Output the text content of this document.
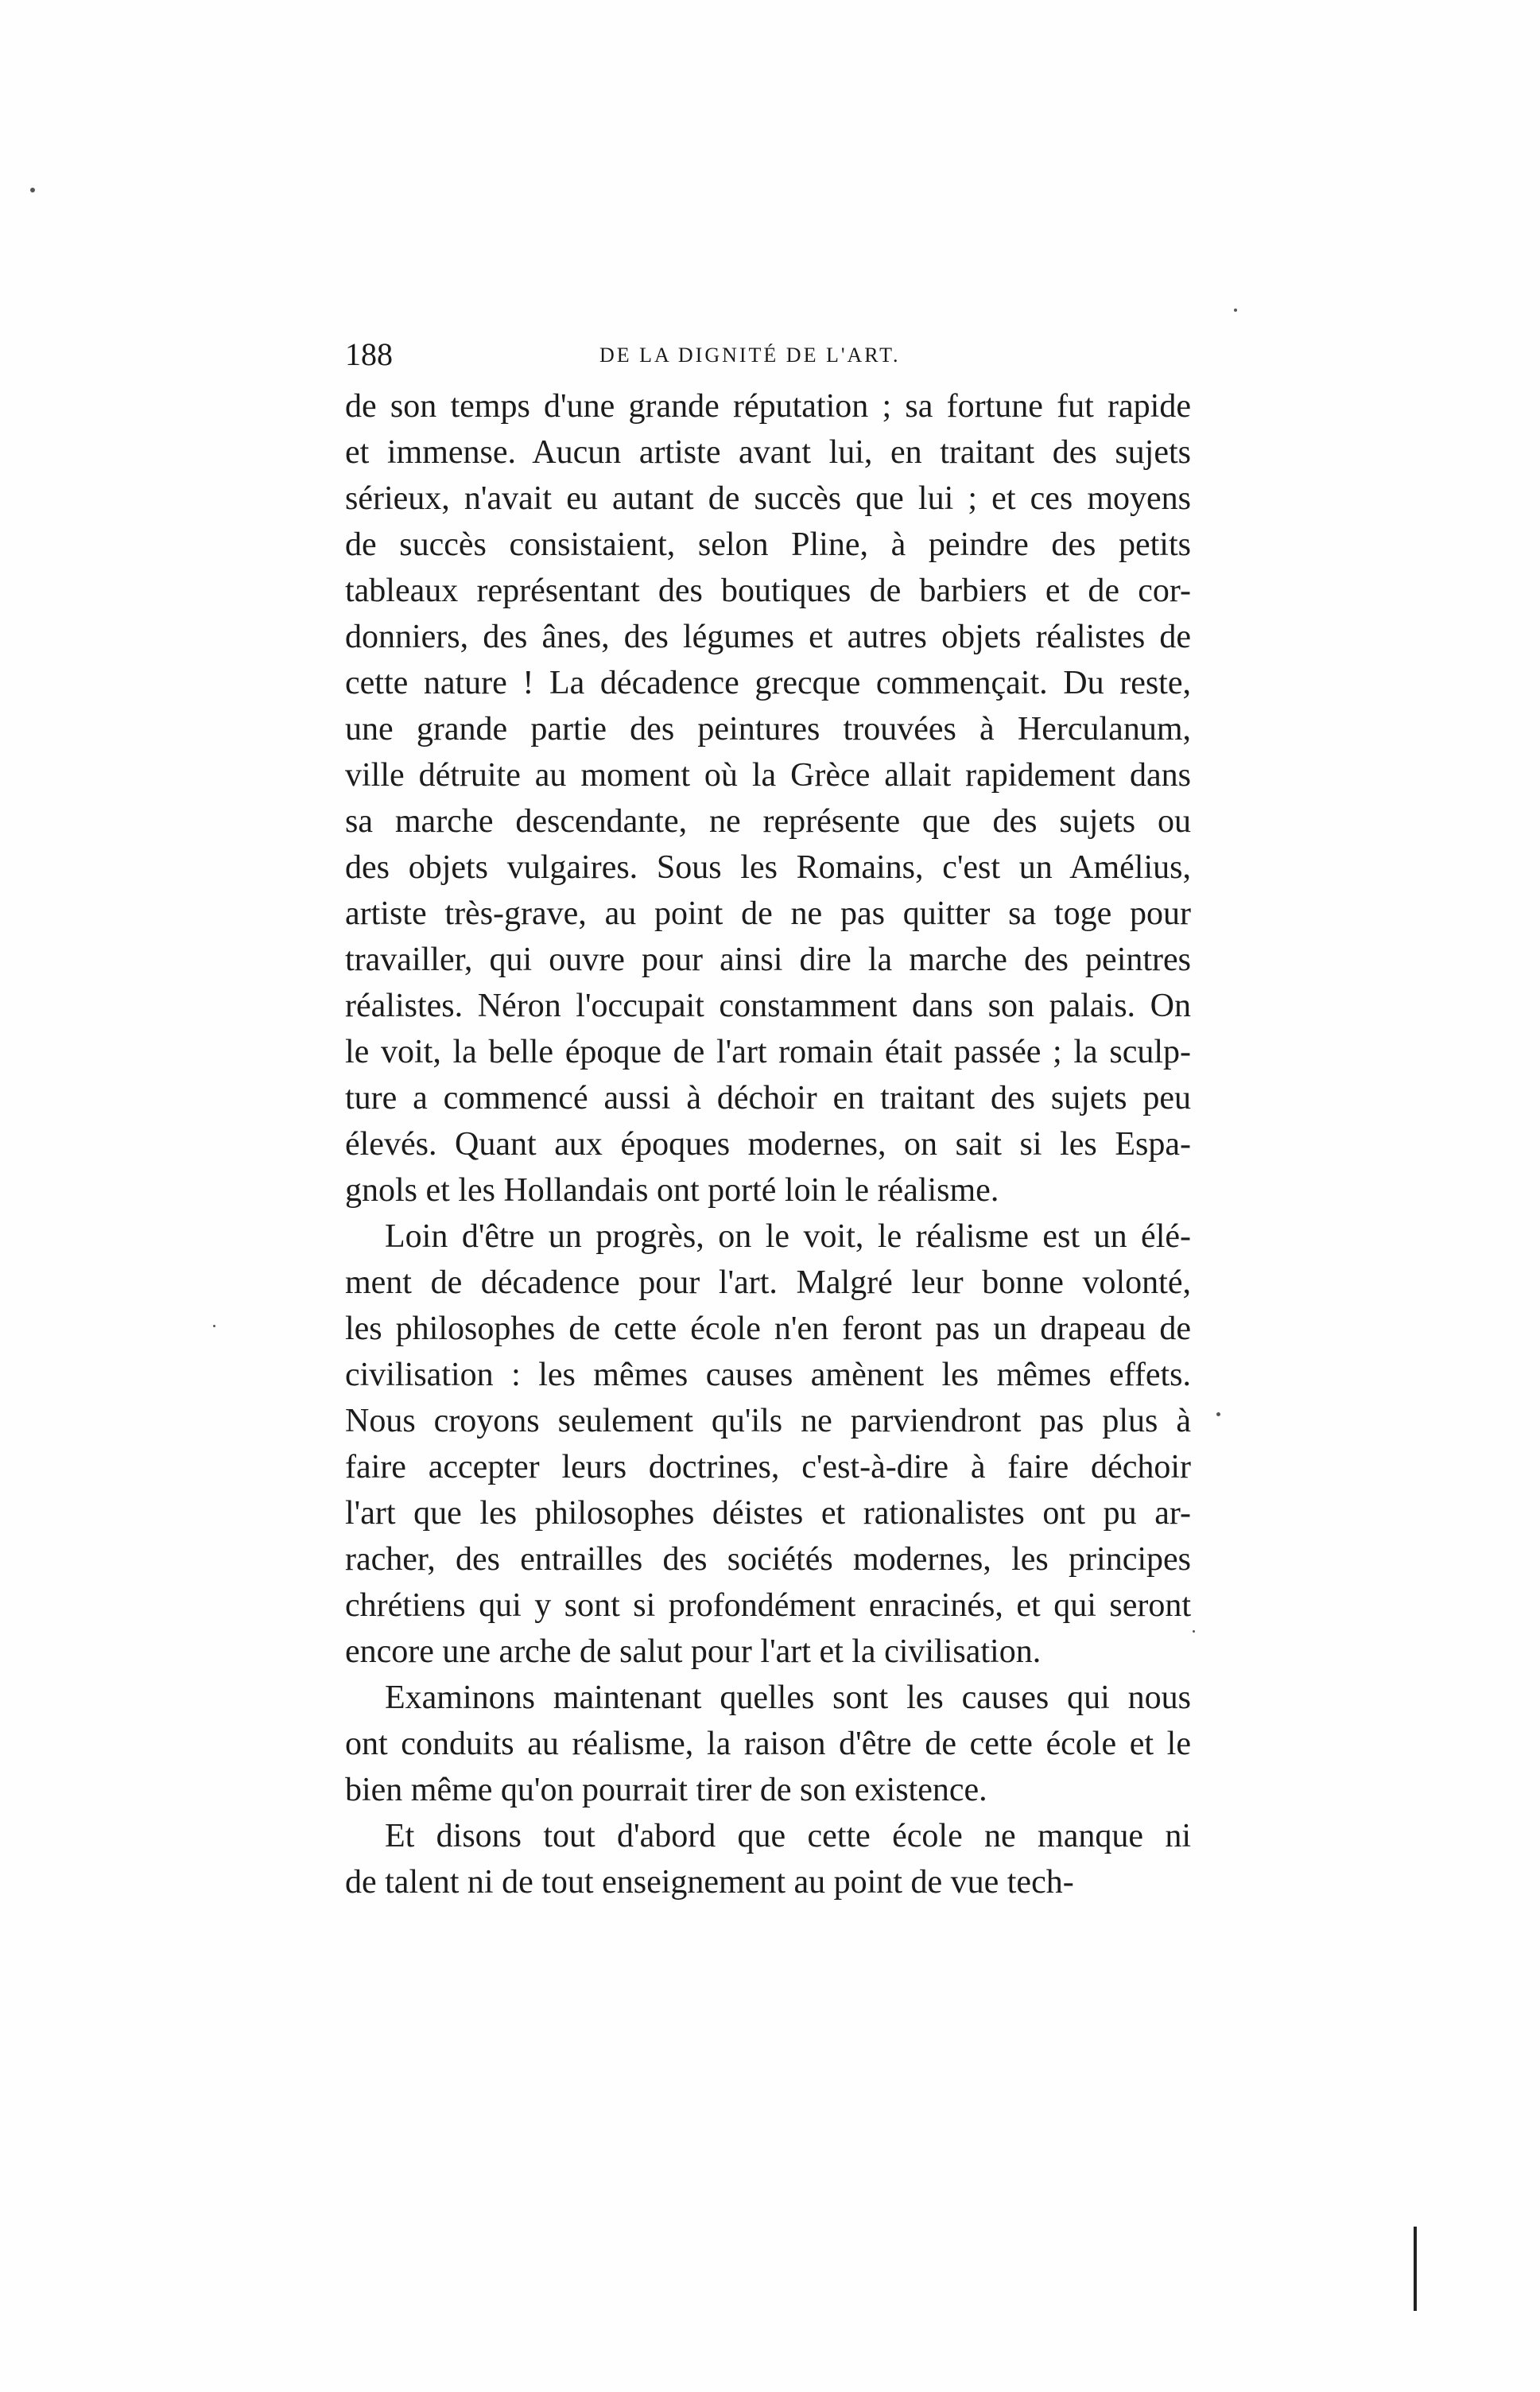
188	DE LA DIGNITÉ DE L'ART.
de son temps d'une grande réputation ; sa fortune fut rapide
et immense. Aucun artiste avant lui, en traitant des sujets
sérieux, n'avait eu autant de succès que lui ; et ces moyens
de succès consistaient, selon Pline, à peindre des petits
tableaux représentant des boutiques de barbiers et de cor-
donniers, des ânes, des légumes et autres objets réalistes de
cette nature ! La décadence grecque commençait. Du reste,
une grande partie des peintures trouvées à Herculanum,
ville détruite au moment où la Grèce allait rapidement dans
sa marche descendante, ne représente que des sujets ou
des objets vulgaires. Sous les Romains, c'est un Amélius,
artiste très-grave, au point de ne pas quitter sa toge pour
travailler, qui ouvre pour ainsi dire la marche des peintres
réalistes. Néron l'occupait constamment dans son palais. On
le voit, la belle époque de l'art romain était passée ; la sculp-
ture a commencé aussi à déchoir en traitant des sujets peu
élevés. Quant aux époques modernes, on sait si les Espa-
gnols et les Hollandais ont porté loin le réalisme.
Loin d'être un progrès, on le voit, le réalisme est un élé-
ment de décadence pour l'art. Malgré leur bonne volonté,
les philosophes de cette école n'en feront pas un drapeau de
civilisation : les mêmes causes amènent les mêmes effets.
Nous croyons seulement qu'ils ne parviendront pas plus à
faire accepter leurs doctrines, c'est-à-dire à faire déchoir
l'art que les philosophes déistes et rationalistes ont pu ar-
racher, des entrailles des sociétés modernes, les principes
chrétiens qui y sont si profondément enracinés, et qui seront
encore une arche de salut pour l'art et la civilisation.
Examinons maintenant quelles sont les causes qui nous
ont conduits au réalisme, la raison d'être de cette école et le
bien même qu'on pourrait tirer de son existence.
Et disons tout d'abord que cette école ne manque ni
de talent ni de tout enseignement au point de vue tech-
